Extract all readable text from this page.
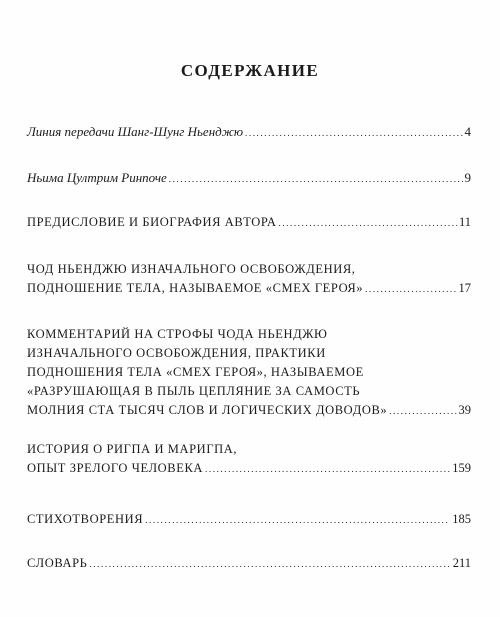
СОДЕРЖАНИЕ
Линия передачи Шанг-Шунг Ньенджю .....	4
Ньима Цултрим Ринпоче .....	9
ПРЕДИСЛОВИЕ И БИОГРАФИЯ АВТОРА .....	11
ЧОД НЬЕНДЖЮ ИЗНАЧАЛЬНОГО ОСВОБОЖДЕНИЯ,
ПОДНОШЕНИЕ ТЕЛА, НАЗЫВАЕМОЕ «СМЕХ ГЕРОЯ» .....	17
КОММЕНТАРИЙ НА СТРОФЫ ЧОДА НЬЕНДЖЮ
ИЗНАЧАЛЬНОГО ОСВОБОЖДЕНИЯ, ПРАКТИКИ
ПОДНОШЕНИЯ ТЕЛА «СМЕХ ГЕРОЯ», НАЗЫВАЕМОЕ
«РАЗРУШАЮЩАЯ В ПЫЛЬ ЦЕПЛЯНИЕ ЗА САМОСТЬ
МОЛНИЯ СТА ТЫСЯЧ СЛОВ И ЛОГИЧЕСКИХ ДОВОДОВ» .....	39
ИСТОРИЯ О РИГПА И МАРИГПА,
ОПЫТ ЗРЕЛОГО ЧЕЛОВЕКА .....	159
СТИХОТВОРЕНИЯ .....	185
СЛОВАРЬ .....	211
